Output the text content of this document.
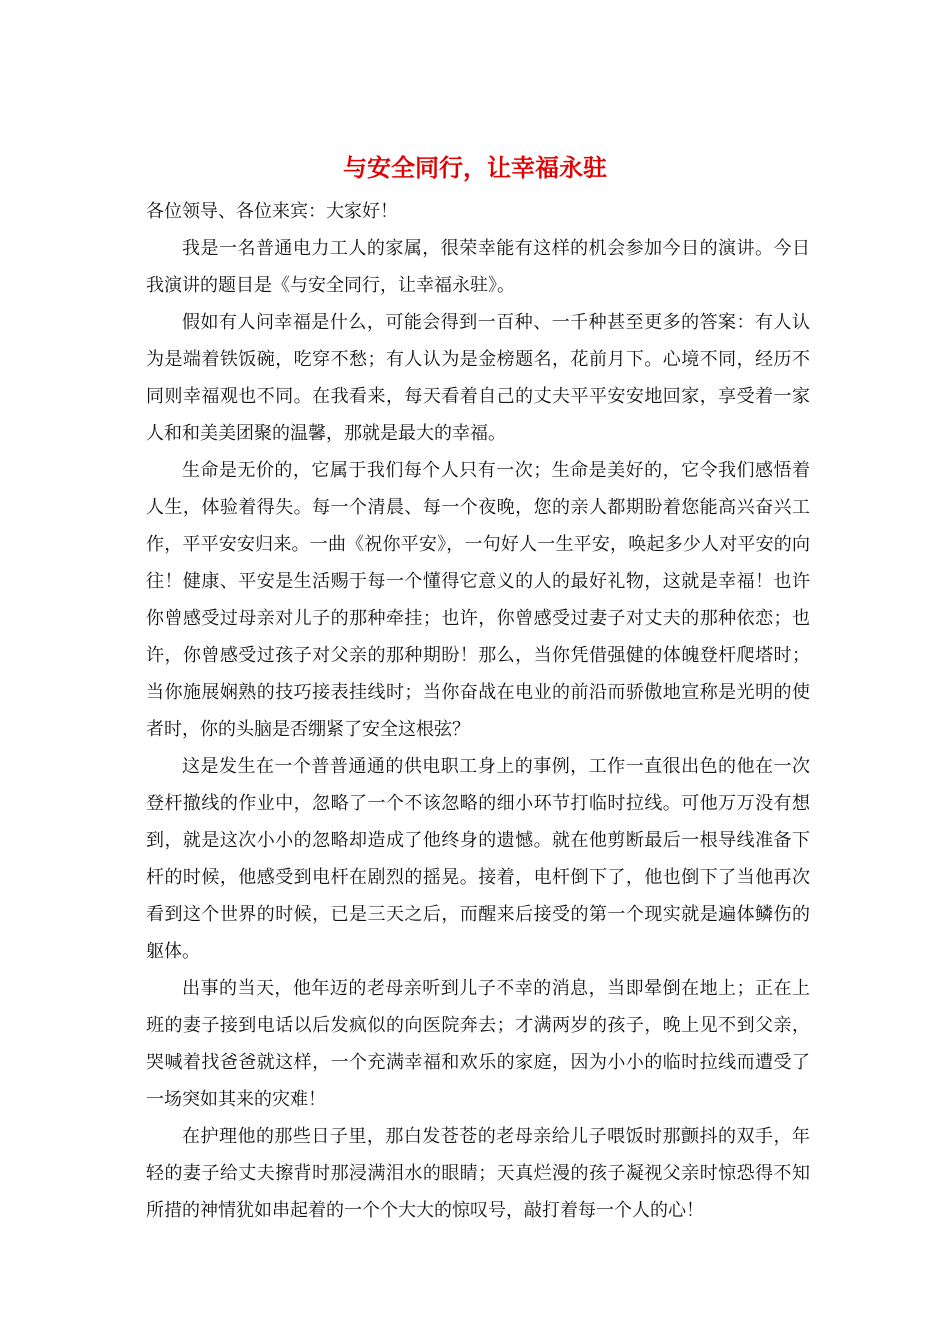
与安全同行，让幸福永驻

各位领导、各位来宾：大家好！

我是一名普通电力工人的家属，很荣幸能有这样的机会参加今日的演讲。今日我演讲的题目是《与安全同行，让幸福永驻》。

假如有人问幸福是什么，可能会得到一百种、一千种甚至更多的答案：有人认为是端着铁饭碗，吃穿不愁；有人认为是金榜题名，花前月下。心境不同，经历不同则幸福观也不同。在我看来，每天看着自己的丈夫平平安安地回家，享受着一家人和和美美团聚的温馨，那就是最大的幸福。

生命是无价的，它属于我们每个人只有一次；生命是美好的，它令我们感悟着人生，体验着得失。每一个清晨、每一个夜晚，您的亲人都期盼着您能高兴奋兴工作，平平安安归来。一曲《祝你平安》，一句好人一生平安，唤起多少人对平安的向往！健康、平安是生活赐于每一个懂得它意义的人的最好礼物，这就是幸福！也许你曾感受过母亲对儿子的那种牵挂；也许，你曾感受过妻子对丈夫的那种依恋；也许，你曾感受过孩子对父亲的那种期盼！那么，当你凭借强健的体魄登杆爬塔时；当你施展娴熟的技巧接表挂线时；当你奋战在电业的前沿而骄傲地宣称是光明的使者时，你的头脑是否绷紧了安全这根弦？

这是发生在一个普普通通的供电职工身上的事例，工作一直很出色的他在一次登杆撤线的作业中，忽略了一个不该忽略的细小环节打临时拉线。可他万万没有想到，就是这次小小的忽略却造成了他终身的遗憾。就在他剪断最后一根导线准备下杆的时候，他感受到电杆在剧烈的摇晃。接着，电杆倒下了，他也倒下了当他再次看到这个世界的时候，已是三天之后，而醒来后接受的第一个现实就是遍体鳞伤的躯体。

出事的当天，他年迈的老母亲听到儿子不幸的消息，当即晕倒在地上；正在上班的妻子接到电话以后发疯似的向医院奔去；才满两岁的孩子，晚上见不到父亲，哭喊着找爸爸就这样，一个充满幸福和欢乐的家庭，因为小小的临时拉线而遭受了一场突如其来的灾难！

在护理他的那些日子里，那白发苍苍的老母亲给儿子喂饭时那颤抖的双手，年轻的妻子给丈夫擦背时那浸满泪水的眼睛；天真烂漫的孩子凝视父亲时惊恐得不知所措的神情犹如串起着的一个个大大的惊叹号，敲打着每一个人的心！
